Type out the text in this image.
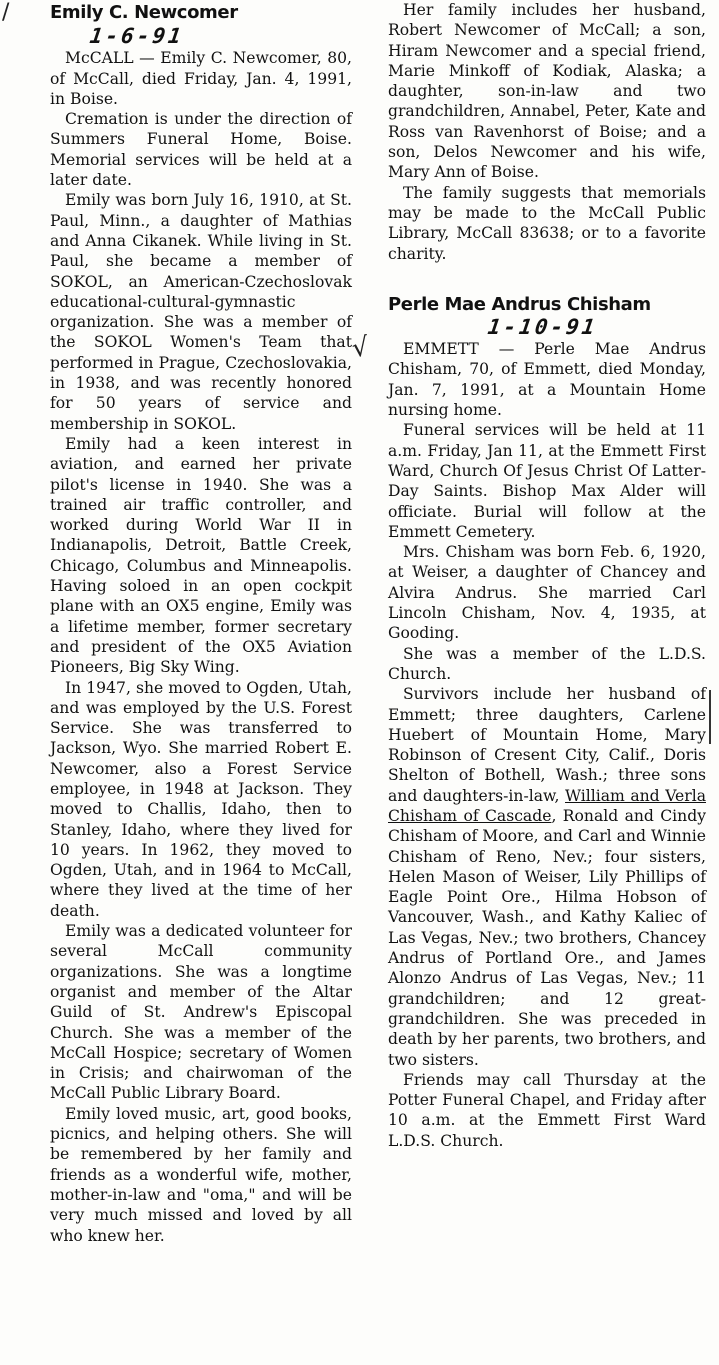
/
√
Emily C. Newcomer
1-6-91

McCALL — Emily C. Newcomer, 80, of McCall, died Friday, Jan. 4, 1991, in Boise.

Cremation is under the direction of Summers Funeral Home, Boise. Memorial services will be held at a later date.

Emily was born July 16, 1910, at St. Paul, Minn., a daughter of Mathias and Anna Cikanek. While living in St. Paul, she became a member of SOKOL, an American-Czechoslovak educational-cultural-gymnastic organization. She was a member of the SOKOL Women's Team that performed in Prague, Czechoslovakia, in 1938, and was recently honored for 50 years of service and membership in SOKOL.

Emily had a keen interest in aviation, and earned her private pilot's license in 1940. She was a trained air traffic controller, and worked during World War II in Indianapolis, Detroit, Battle Creek, Chicago, Columbus and Minneapolis. Having soloed in an open cockpit plane with an OX5 engine, Emily was a lifetime member, former secretary and president of the OX5 Aviation Pioneers, Big Sky Wing.

In 1947, she moved to Ogden, Utah, and was employed by the U.S. Forest Service. She was transferred to Jackson, Wyo. She married Robert E. Newcomer, also a Forest Service employee, in 1948 at Jackson. They moved to Challis, Idaho, then to Stanley, Idaho, where they lived for 10 years. In 1962, they moved to Ogden, Utah, and in 1964 to McCall, where they lived at the time of her death.

Emily was a dedicated volunteer for several McCall community organizations. She was a longtime organist and member of the Altar Guild of St. Andrew's Episcopal Church. She was a member of the McCall Hospice; secretary of Women in Crisis; and chairwoman of the McCall Public Library Board.

Emily loved music, art, good books, picnics, and helping others. She will be remembered by her family and friends as a wonderful wife, mother, mother-in-law and "oma," and will be very much missed and loved by all who knew her.

Her family includes her husband, Robert Newcomer of McCall; a son, Hiram Newcomer and a special friend, Marie Minkoff of Kodiak, Alaska; a daughter, son-in-law and two grandchildren, Annabel, Peter, Kate and Ross van Ravenhorst of Boise; and a son, Delos Newcomer and his wife, Mary Ann of Boise.

The family suggests that memorials may be made to the McCall Public Library, McCall 83638; or to a favorite charity.

Perle Mae Andrus Chisham
1-10-91

EMMETT — Perle Mae Andrus Chisham, 70, of Emmett, died Monday, Jan. 7, 1991, at a Mountain Home nursing home.

Funeral services will be held at 11 a.m. Friday, Jan 11, at the Emmett First Ward, Church Of Jesus Christ Of Latter-Day Saints. Bishop Max Alder will officiate. Burial will follow at the Emmett Cemetery.

Mrs. Chisham was born Feb. 6, 1920, at Weiser, a daughter of Chancey and Alvira Andrus. She married Carl Lincoln Chisham, Nov. 4, 1935, at Gooding.

She was a member of the L.D.S. Church.

Survivors include her husband of Emmett; three daughters, Carlene Huebert of Mountain Home, Mary Robinson of Cresent City, Calif., Doris Shelton of Bothell, Wash.; three sons and daughters-in-law, William and Verla Chisham of Cascade, Ronald and Cindy Chisham of Moore, and Carl and Winnie Chisham of Reno, Nev.; four sisters, Helen Mason of Weiser, Lily Phillips of Eagle Point Ore., Hilma Hobson of Vancouver, Wash., and Kathy Kaliec of Las Vegas, Nev.; two brothers, Chancey Andrus of Portland Ore., and James Alonzo Andrus of Las Vegas, Nev.; 11 grandchildren; and 12 great-grandchildren. She was preceded in death by her parents, two brothers, and two sisters.

Friends may call Thursday at the Potter Funeral Chapel, and Friday after 10 a.m. at the Emmett First Ward L.D.S. Church.
